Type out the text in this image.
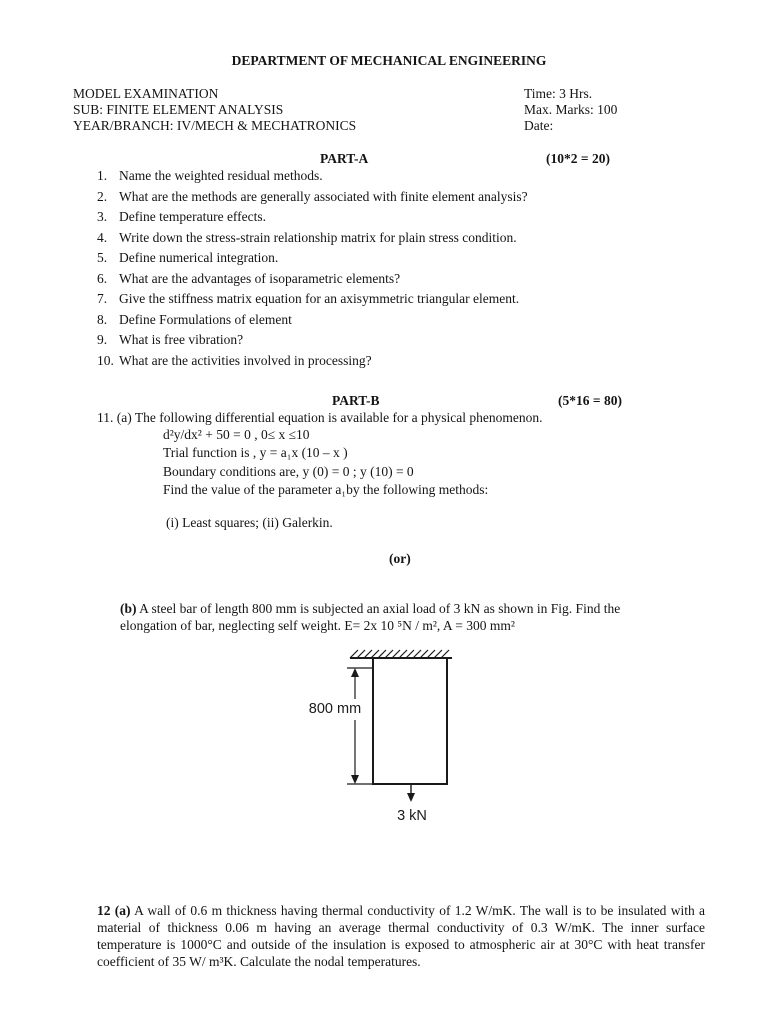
DEPARTMENT OF MECHANICAL ENGINEERING
MODEL EXAMINATION
SUB: FINITE ELEMENT ANALYSIS
YEAR/BRANCH: IV/MECH & MECHATRONICS
Time: 3 Hrs.
Max. Marks: 100
Date:
PART-A	(10*2 = 20)
1. Name the weighted residual methods.
2. What are the methods are generally associated with finite element analysis?
3. Define temperature effects.
4. Write down the stress-strain relationship matrix for plain stress condition.
5. Define numerical integration.
6. What are the advantages of isoparametric elements?
7. Give the stiffness matrix equation for an axisymmetric triangular element.
8. Define Formulations of element
9. What is free vibration?
10. What are the activities involved in processing?
PART-B	(5*16 = 80)
11. (a) The following differential equation is available for a physical phenomenon.
d²y/dx² + 50 = 0 , 0≤ x ≤10
Trial function is , y = a₁x (10 – x )
Boundary conditions are, y (0) = 0 ; y (10) = 0
Find the value of the parameter a₁by the following methods:
(i) Least squares; (ii) Galerkin.
(or)
(b) A steel bar of length 800 mm is subjected an axial load of 3 kN as shown in Fig. Find the
elongation of bar, neglecting self weight. E= 2x 10 ⁵N / m², A = 300 mm²
800 mm
3 kN
12 (a) A wall of 0.6 m thickness having thermal conductivity of 1.2 W/mK. The wall is to be insulated with a material of thickness 0.06 m having an average thermal conductivity of 0.3 W/mK. The inner surface temperature is 1000°C and outside of the insulation is exposed to atmospheric air at 30°C with heat transfer coefficient of 35 W/ m³K. Calculate the nodal temperatures.
